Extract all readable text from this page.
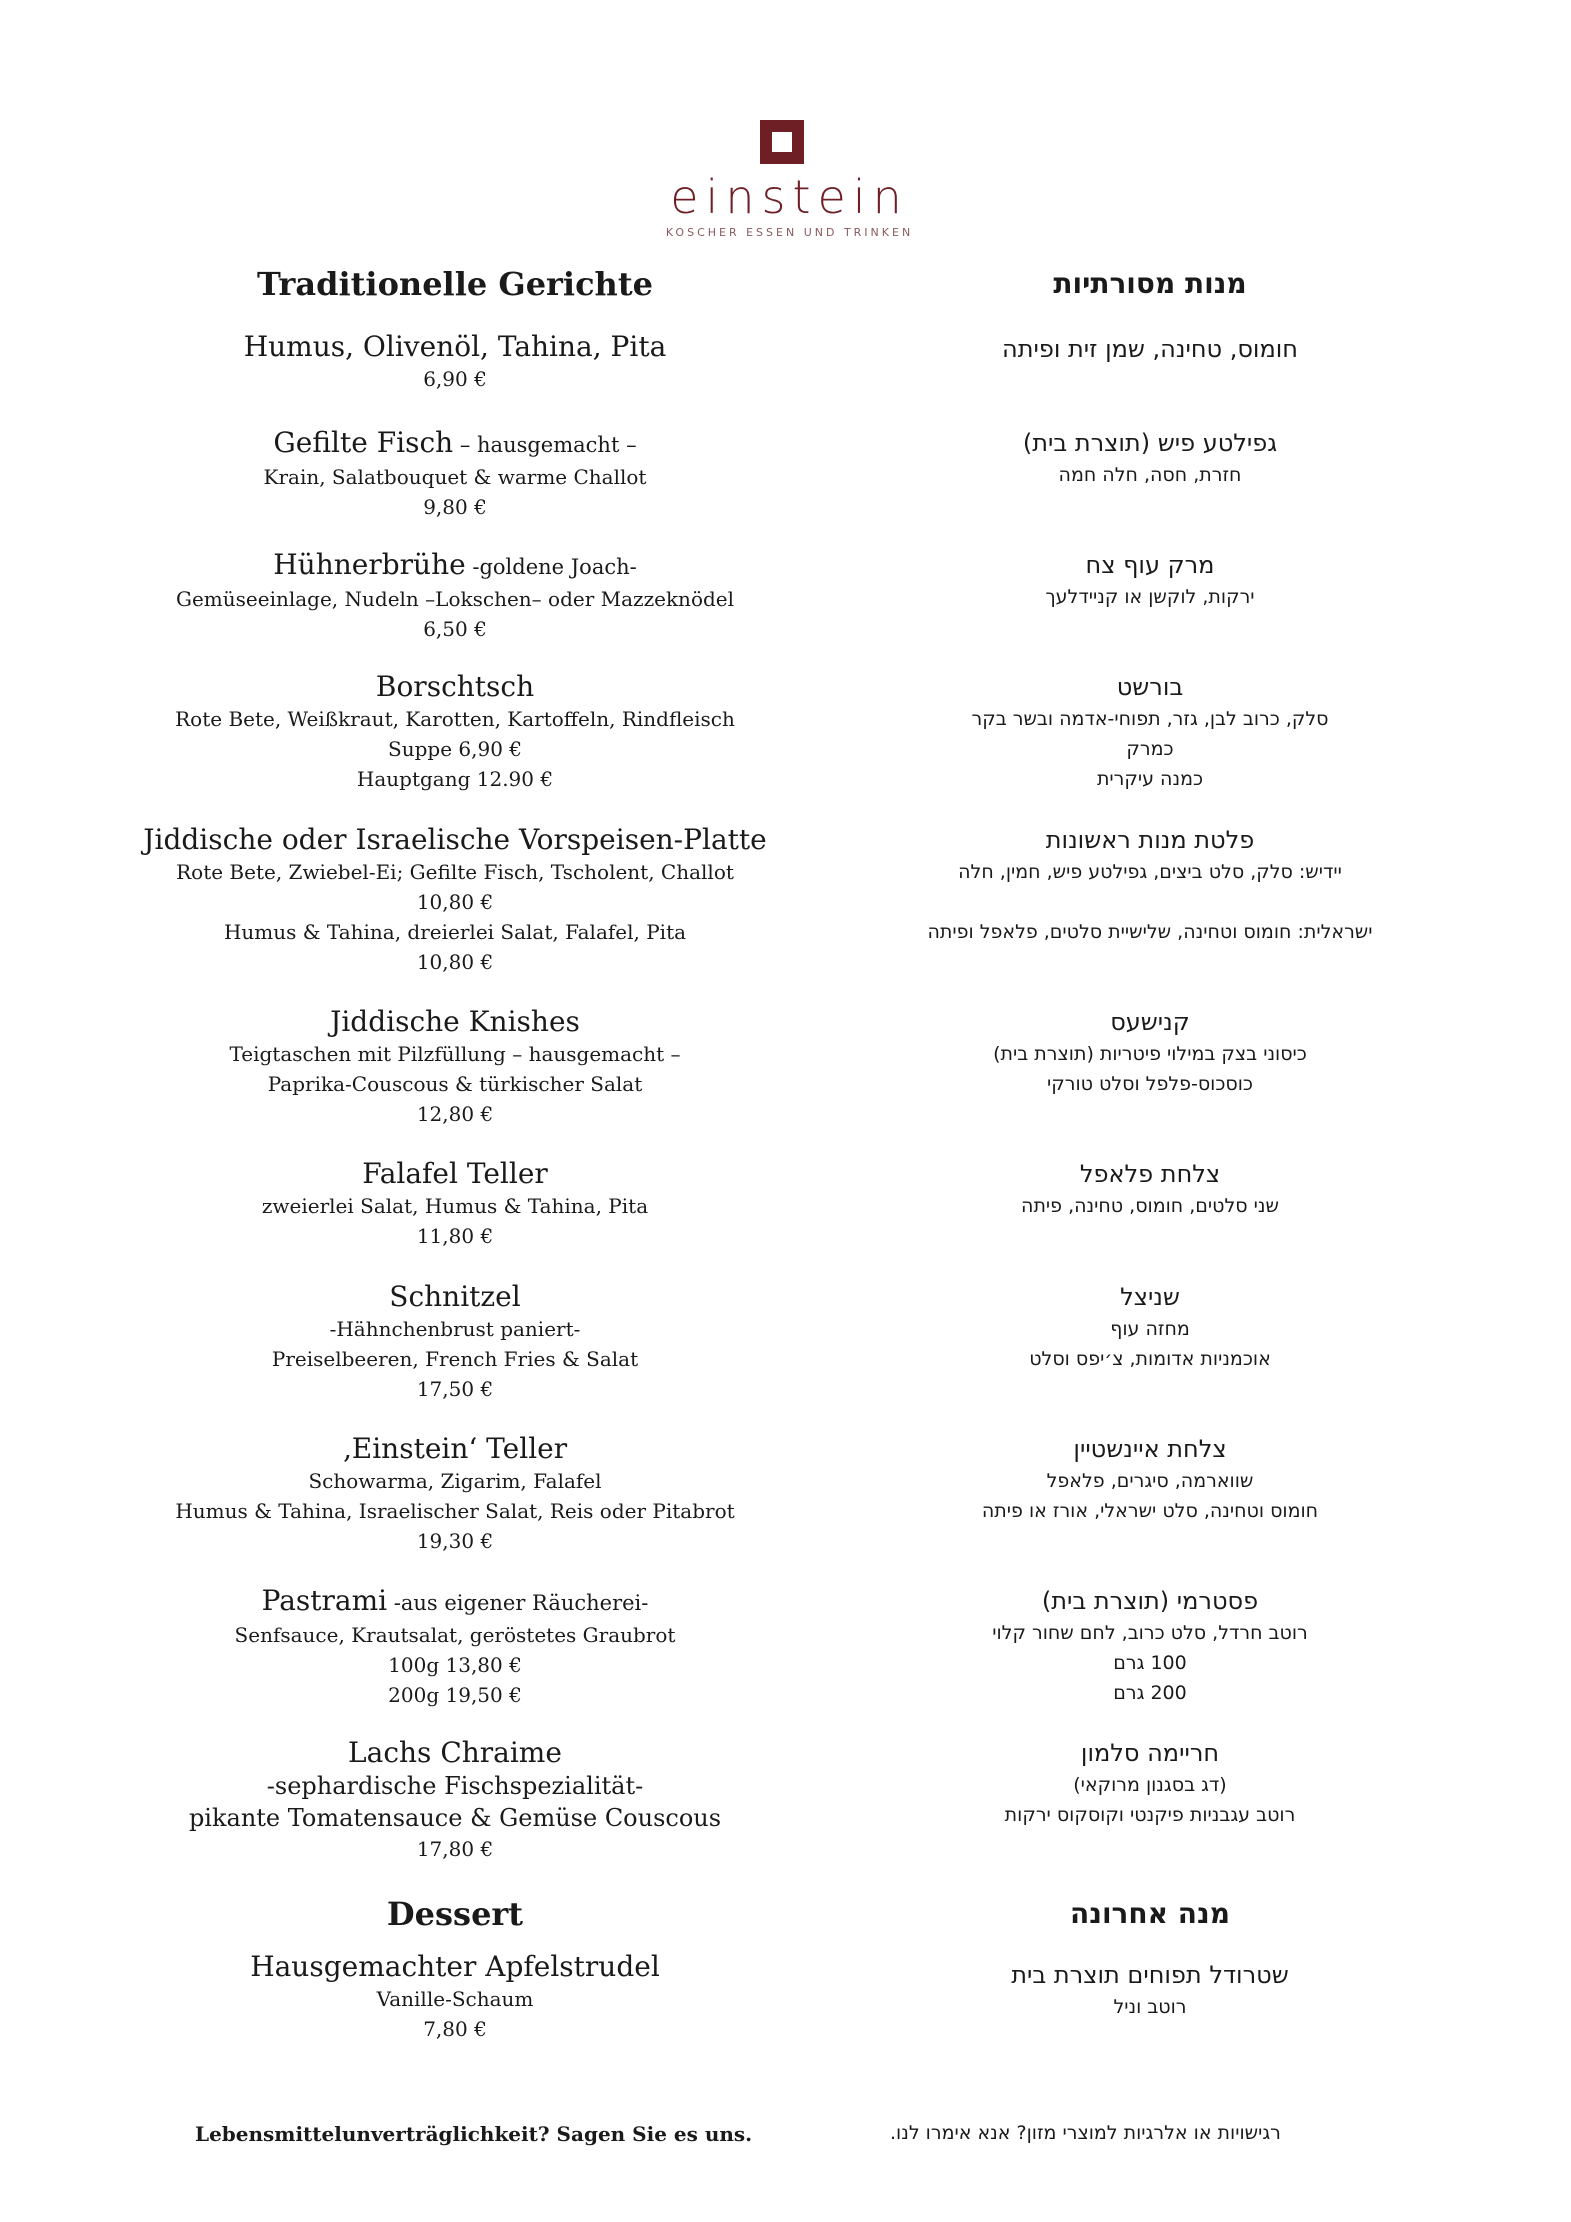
einstein
KOSCHER ESSEN UND TRINKEN
Traditionelle Gerichte
Humus, Olivenöl, Tahina, Pita
6,90 €
Gefilte Fisch – hausgemacht –
Krain, Salatbouquet & warme Challot
9,80 €
Hühnerbrühe -goldene Joach-
Gemüseeinlage, Nudeln –Lokschen– oder Mazzeknödel
6,50 €
Borschtsch
Rote Bete, Weißkraut, Karotten, Kartoffeln, Rindfleisch
Suppe 6,90 €
Hauptgang 12.90 €
Jiddische oder Israelische Vorspeisen-Platte
Rote Bete, Zwiebel-Ei; Gefilte Fisch, Tscholent, Challot
10,80 €
Humus & Tahina, dreierlei Salat, Falafel, Pita
10,80 €
Jiddische Knishes
Teigtaschen mit Pilzfüllung – hausgemacht –
Paprika-Couscous & türkischer Salat
12,80 €
Falafel Teller
zweierlei Salat, Humus & Tahina, Pita
11,80 €
Schnitzel
-Hähnchenbrust paniert-
Preiselbeeren, French Fries & Salat
17,50 €
‚Einstein‘ Teller
Schowarma, Zigarim, Falafel
Humus & Tahina, Israelischer Salat, Reis oder Pitabrot
19,30 €
Pastrami -aus eigener Räucherei-
Senfsauce, Krautsalat, geröstetes Graubrot
100g 13,80 €
200g 19,50 €
Lachs Chraime
-sephardische Fischspezialität-
pikante Tomatensauce & Gemüse Couscous
17,80 €
Dessert
Hausgemachter Apfelstrudel
Vanille-Schaum
7,80 €
מנות מסורתיות
חומוס, טחינה, שמן זית ופיתה
גפילטע פיש (תוצרת בית)
חזרת, חסה, חלה חמה
מרק עוף צח
ירקות, לוקשן או קניידלעך
בורשט
סלק, כרוב לבן, גזר, תפוחי-אדמה ובשר בקר
כמרק
כמנה עיקרית
פלטת מנות ראשונות
יידיש: סלק, סלט ביצים, גפילטע פיש, חמין, חלה
ישראלית: חומוס וטחינה, שלישיית סלטים, פלאפל ופיתה
קנישעס
כיסוני בצק במילוי פיטריות (תוצרת בית)
כוסכוס-פלפל וסלט טורקי
צלחת פלאפל
שני סלטים, חומוס, טחינה, פיתה
שניצל
מחזה עוף
אוכמניות אדומות, צ׳יפס וסלט
צלחת איינשטיין
שווארמה, סיגרים, פלאפל
חומוס וטחינה, סלט ישראלי, אורז או פיתה
פסטרמי (תוצרת בית)
רוטב חרדל, סלט כרוב, לחם שחור קלוי
100 גרם
200 גרם
חריימה סלמון
(דג בסגנון מרוקאי)
רוטב עגבניות פיקנטי וקוסקוס ירקות
מנה אחרונה
שטרודל תפוחים תוצרת בית
רוטב וניל
Lebensmittelunverträglichkeit? Sagen Sie es uns.	רגישויות או אלרגיות למוצרי מזון? אנא אימרו לנו.
